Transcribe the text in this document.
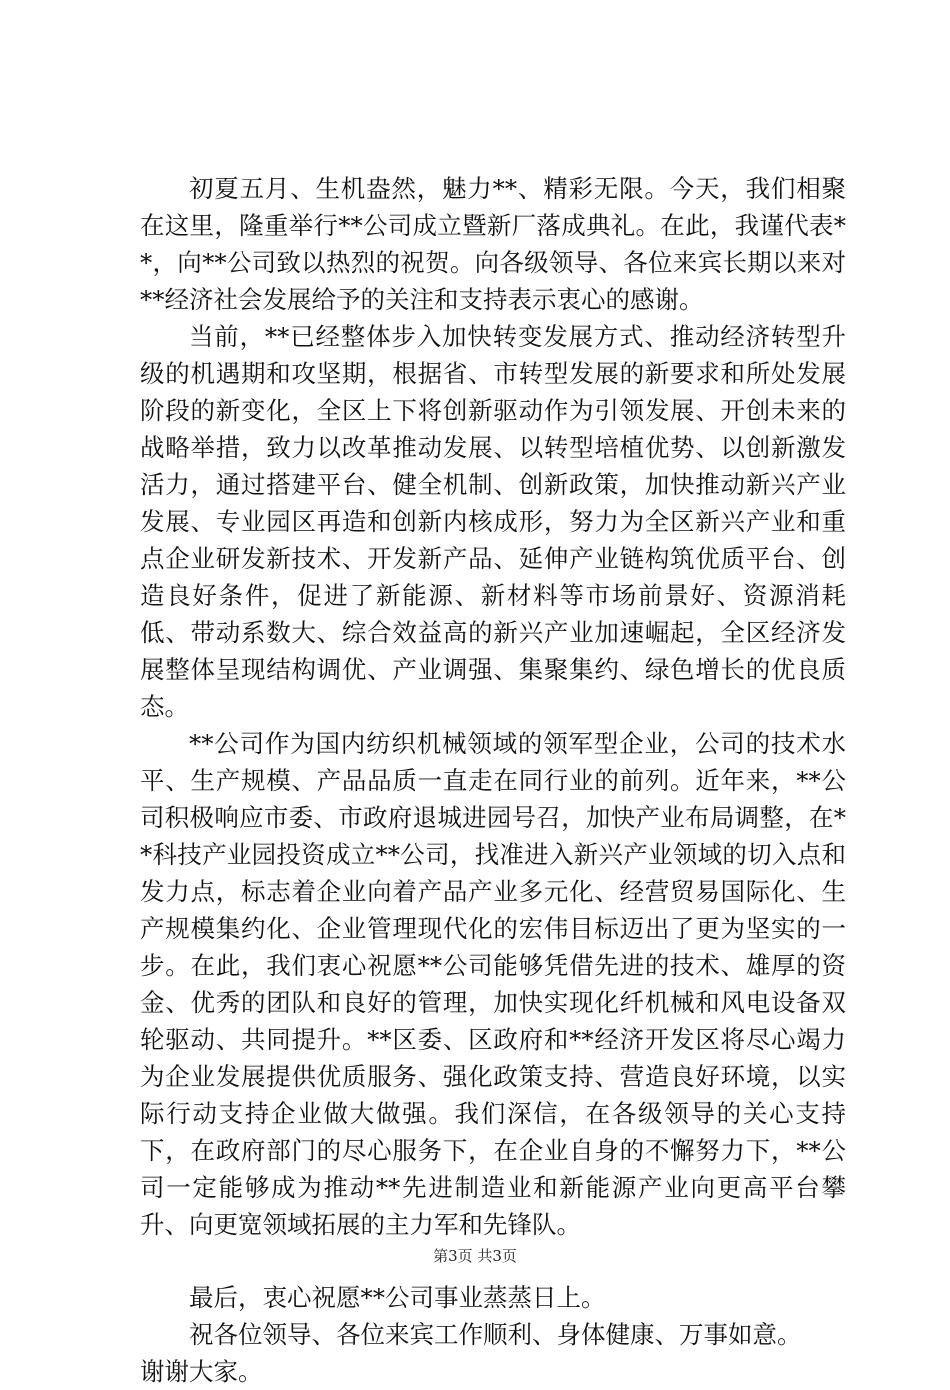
初夏五月、生机盎然，魅力**、精彩无限。今天，我们相聚在这里，隆重举行**公司成立暨新厂落成典礼。在此，我谨代表**，向**公司致以热烈的祝贺。向各级领导、各位来宾长期以来对**经济社会发展给予的关注和支持表示衷心的感谢。

当前，**已经整体步入加快转变发展方式、推动经济转型升级的机遇期和攻坚期，根据省、市转型发展的新要求和所处发展阶段的新变化，全区上下将创新驱动作为引领发展、开创未来的战略举措，致力以改革推动发展、以转型培植优势、以创新激发活力，通过搭建平台、健全机制、创新政策，加快推动新兴产业发展、专业园区再造和创新内核成形，努力为全区新兴产业和重点企业研发新技术、开发新产品、延伸产业链构筑优质平台、创造良好条件，促进了新能源、新材料等市场前景好、资源消耗低、带动系数大、综合效益高的新兴产业加速崛起，全区经济发展整体呈现结构调优、产业调强、集聚集约、绿色增长的优良质态。

**公司作为国内纺织机械领域的领军型企业，公司的技术水平、生产规模、产品品质一直走在同行业的前列。近年来，**公司积极响应市委、市政府退城进园号召，加快产业布局调整，在**科技产业园投资成立**公司，找准进入新兴产业领域的切入点和发力点，标志着企业向着产品产业多元化、经营贸易国际化、生产规模集约化、企业管理现代化的宏伟目标迈出了更为坚实的一步。在此，我们衷心祝愿**公司能够凭借先进的技术、雄厚的资金、优秀的团队和良好的管理，加快实现化纤机械和风电设备双轮驱动、共同提升。**区委、区政府和**经济开发区将尽心竭力为企业发展提供优质服务、强化政策支持、营造良好环境，以实际行动支持企业做大做强。我们深信，在各级领导的关心支持下，在政府部门的尽心服务下，在企业自身的不懈努力下，**公司一定能够成为推动**先进制造业和新能源产业向更高平台攀升、向更宽领域拓展的主力军和先锋队。

最后，衷心祝愿**公司事业蒸蒸日上。

祝各位领导、各位来宾工作顺利、身体健康、万事如意。

谢谢大家。

第3页 共3页
